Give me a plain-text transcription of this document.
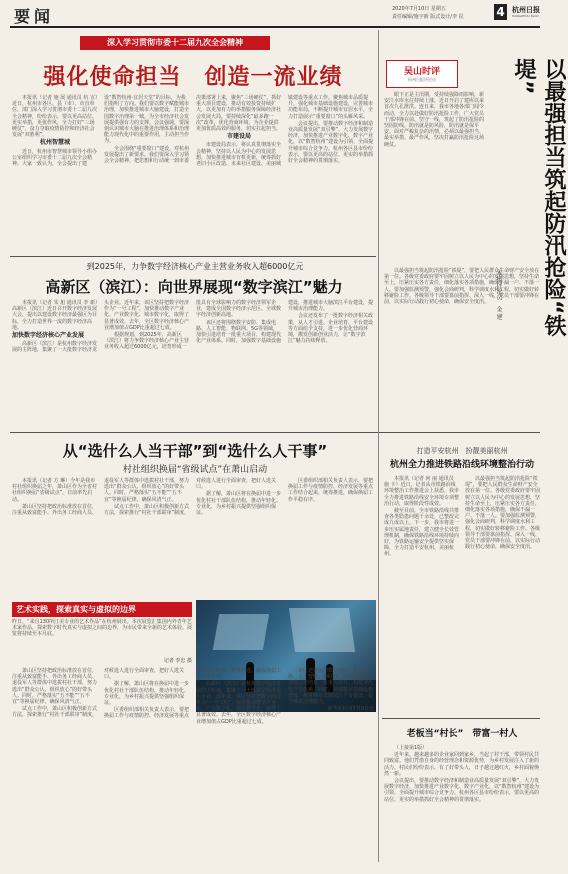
要闻	2020年7月10日 星期五
责任编辑/施宇新 版式设计/李 昆	4	杭州日报
HANGZHOU DAILY
深入学习贯彻市委十二届九次全会精神
强化使命担当　创造一流业绩

本报讯（记者 施 展 通讯员 杭 宣）近日，杭州市各区、县（市）、市直单位、部门深入学习贯彻市委十二届九次全会精神，纷纷表示，要以更高站位、更实举措、更优作风，全力打好“三场硬仗”，奋力夺取疫情防控和经济社会发展“双胜利”。

杭州智慧城

近日，杭州市智慧城市领导小组办公室组织学习市委十二届九次全会精神。大家一致认为，全会提出了建设“数智杭州·宜居天堂”的目标，为我们指明了方向。我们要以数字赋能城市治理，加快推进城市大脑建设，打造全国数字治理第一城，为全市经济社会发展提供强有力的支撑。会议强调，要深刻认识城市大脑在推进治理体系和治理能力现代化中的重要作用，主动担当作为。

全会围绕“重要窗口”建设，对杭州发展提出了新要求。我们要深入学习领会全会精神，把思想和行动统一到市委决策部署上来，聚焦“三场硬仗”，抓好重大项目建设，推动有效投资持续扩大，以更加有力的举措服务保障经济社会发展大局。要持续深化“最多跑一次”改革，优化营商环境，为企业提供更加优质高效的服务，切实扛起担当。

市建设局

市建设局表示，将认真贯彻落实全会精神，坚持以人民为中心的发展思想，加快推进城市有机更新，统筹抓好老旧小区改造、未来社区建设、美丽城镇建设等重点工作。聚焦城市品质提升，强化城市基础设施建设，完善城市功能布局，不断提升城市宜居水平，全力打造展示“重要窗口”的头雁风采。

会议提出，要推动数字经济和制造业高质量发展“双引擎”，大力发展数字经济，加快推进产业数字化、数字产业化，以“数智杭州”建设为引领，全面提升城市综合竞争力。杭州各区县市纷纷表示，要以更高的站位、更实的举措抓好全会精神的贯彻落实。

吴山时评
杭州日报评论员	以最强担当筑起防汛抢险“铁堤”
本报评论员　金 建

眼下正是主汛期，受持续强降雨影响，新安江水库水位持续上涨，近日开启了建库以来首次九孔泄洪。连日来，我市各地各部门闻令而动，全力以赴做好防汛抢险工作，广大党员干部冲锋在前、坚守一线，筑起了防汛抢险的坚固防线。防汛就是防风险，防汛就是保平安。面对严峻复杂的汛情，必须以最强担当、最实举措、最严作风，坚决打赢防汛抢险这场硬仗。

以最强担当筑起防汛抢险“铁堤”，要把人民群众生命财产安全放在第一位。各级党委政府要牢固树立以人民为中心的发展思想，坚持生命至上，压紧压实各方责任，细化落实各项措施，确保不漏一户、不落一人。要加强监测预警，强化会商研判，科学调度水利工程，切实做好转移避险工作。各级领导干部要靠前指挥、深入一线，党员干部要冲锋在前，以实际行动践行初心使命，确保安全度汛。

到2025年，力争数字经济核心产业主营业务收入超6000亿元
高新区（滨江）：向世界展现“数字滨江”魅力

本报讯（记者 朱 旭 通讯员 李 新）高新区（滨江）近日召开数字经济发展大会，提出以建设数字经济最强区为目标，全力打造世界一流的数字经济高地。

加快数字经济核心产业发展

高新区（滨江）是杭州数字经济发展的主阵地，集聚了一大批数字经济龙头企业。近年来，该区坚持把数字经济作为“一号工程”，加快推动数字产业化、产业数字化、城市数字化，取得了显著成效。去年，全区数字经济核心产业增加值占GDP比重超过七成。

根据规划，到2025年，高新区（滨江）将力争数字经济核心产业主营业务收入超过6000亿元，培育形成一批具有全球影响力的数字经济领军企业，建成全国数字经济示范区、全球数字经济创新高地。

该区还将围绕数字安防、集成电路、人工智能、物联网、5G等领域，加快引进培育一批重大项目，构建现代化产业体系。同时，加强数字基础设施建设，推进城市大脑滨江平台建设，提升城市治理能力。

会议还发布了一批数字经济相关政策，从人才引进、企业培育、平台建设等方面给予支持，进一步优化营商环境，激发创新创业活力，让“数字滨江”魅力持续释放。

从“选什么人当干部”到“选什么人干事”
村社组织换届“省级试点”在萧山启动

本报讯（记者 方 琳）今年是我市村社组织换届之年，萧山区作为全省村社组织换届“省级试点”，日前率先启动。

萧山区坚持把政治标准放在首位，注重从致富能手、外出务工经商人员、退役军人等群体中选拔村社干部，努力选出“群众公认、组织放心”的好带头人。同时，严格落实“五不能”“五不宜”等换届纪律，确保风清气正。

试点工作中，萧山区积极创新方式方法，探索推行“村社干部联审”制度，对候选人进行全面审查，把好人选关口。

据了解，萧山区将在换届中进一步优化村社干部队伍结构，推动年轻化、专业化，为乡村振兴提供坚强组织保证。

区委组织部相关负责人表示，要把换届工作与疫情防控、经济发展等重点工作结合起来，统筹推进，确保换届工作平稳有序。

艺术实践，探索真实与虚拟的边界
昨日，“来自130所江美专业的艺术作品”在杭州展出。本次展览汇集国内外青年艺术家作品，探索数字时代真实与虚拟之间的边界，为市民带来全新的艺术体验。展览将持续至本月底。
记者 李忠 摄

萧山区坚持把政治标准放在首位，注重从致富能手、外出务工经商人员、退役军人等群体中选拔村社干部，努力选出“群众公认、组织放心”的好带头人。同时，严格落实“五不能”“五不宜”等换届纪律，确保风清气正。

试点工作中，萧山区积极创新方式方法，探索推行“村社干部联审”制度，对候选人进行全面审查，把好人选关口。

据了解，萧山区将在换届中进一步优化村社干部队伍结构，推动年轻化、专业化，为乡村振兴提供坚强组织保证。

区委组织部相关负责人表示，要把换届工作与疫情防控、经济发展等重点工作结合起来，统筹推进，确保换届工作平稳有序。

高新区（滨江）是杭州数字经济发展的主阵地，集聚了一大批数字经济龙头企业。近年来，该区坚持把数字经济作为“一号工程”，加快推动数字产业化、产业数字化、城市数字化，取得了显著成效。去年，全区数字经济核心产业增加值占GDP比重超过七成。

该区还将围绕数字安防、集成电路、人工智能、物联网、5G等领域，加快引进培育一批重大项目，构建现代化产业体系。同时，加强数字基础设施建设，推进城市大脑滨江平台建设，提升城市治理能力。

新华社杭州7月9日电

打造平安杭州　扮靓美丽杭州
杭州全力推进铁路沿线环境整治行动

本报讯（记者 何 丽 通讯员 施 卡）近日，记者从市铁路沿线环境整治工作推进会上获悉，我市全力推进铁路沿线安全环境专项整治行动，取得阶段性成效。

截至目前，全市铁路沿线共排查各类隐患问题千余处，已整改完成九成以上。下一步，我市将进一步压实属地责任，建立健全长效管理机制，确保铁路沿线环境持续向好，为铁路运输安全提供坚实保障，全力打造平安杭州、美丽杭州。

以最强担当筑起防汛抢险“铁堤”，要把人民群众生命财产安全放在第一位。各级党委政府要牢固树立以人民为中心的发展思想，坚持生命至上，压紧压实各方责任，细化落实各项措施，确保不漏一户、不落一人。要加强监测预警，强化会商研判，科学调度水利工程，切实做好转移避险工作。各级领导干部要靠前指挥、深入一线，党员干部要冲锋在前，以实际行动践行初心使命，确保安全度汛。

老板当“村长”　带富一村人

（上接第1版）

近年来，越来越多的企业家回到家乡，当起了村干部，带领村民共同致富。他们凭借自身的经营理念和资源优势，为乡村发展注入了新的活力。村民们纷纷表示，有了好带头人，日子越过越红火，乡村面貌焕然一新。

会议提出，要推动数字经济和制造业高质量发展“双引擎”，大力发展数字经济，加快推进产业数字化、数字产业化，以“数智杭州”建设为引领，全面提升城市综合竞争力。杭州各区县市纷纷表示，要以更高的站位、更实的举措抓好全会精神的贯彻落实。
